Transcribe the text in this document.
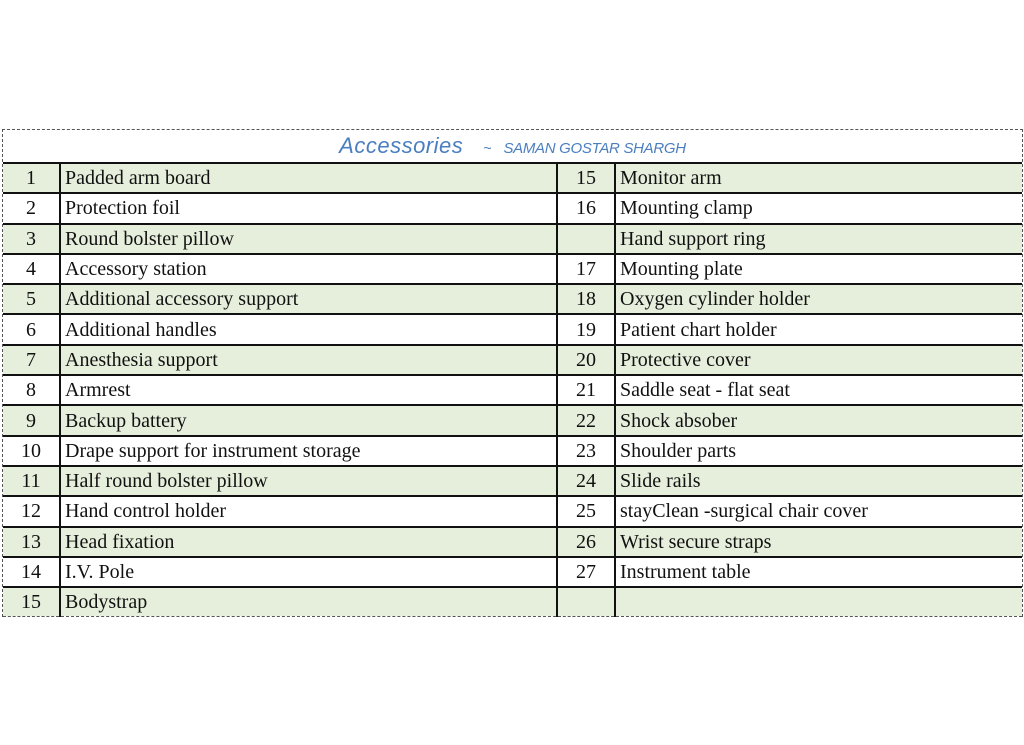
Accessories ~ SAMAN GOSTAR SHARGH
1	Padded arm board	15	Monitor arm
2	Protection foil	16	Mounting clamp
3	Round bolster pillow		Hand support ring
4	Accessory station	17	Mounting plate
5	Additional accessory support	18	Oxygen cylinder holder
6	Additional handles	19	Patient chart holder
7	Anesthesia support	20	Protective cover
8	Armrest	21	Saddle seat - flat seat
9	Backup battery	22	Shock absober
10	Drape support for instrument storage	23	Shoulder parts
11	Half round bolster pillow	24	Slide rails
12	Hand control holder	25	stayClean -surgical chair cover
13	Head fixation	26	Wrist secure straps
14	I.V. Pole	27	Instrument table
15	Bodystrap		
